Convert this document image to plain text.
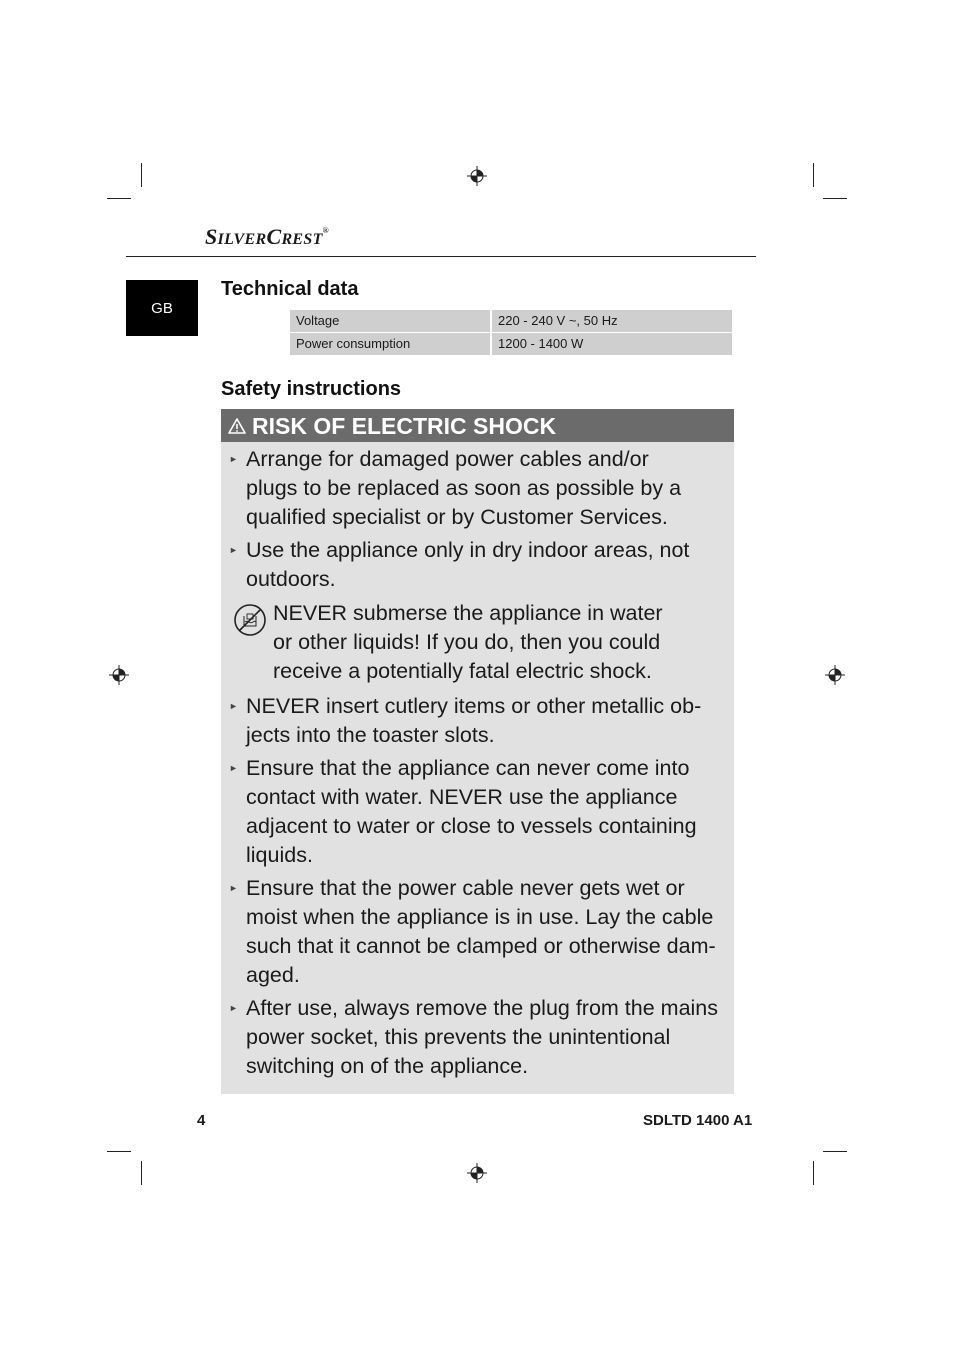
SILVERCREST®
GB
Technical data
Voltage	220 - 240 V ~, 50 Hz
Power consumption	1200 - 1400 W
Safety instructions
RISK OF ELECTRIC SHOCK
► Arrange for damaged power cables and/or
plugs to be replaced as soon as possible by a
qualified specialist or by Customer Services.
► Use the appliance only in dry indoor areas, not
outdoors.
NEVER submerse the appliance in water
or other liquids! If you do, then you could
receive a potentially fatal electric shock.
► NEVER insert cutlery items or other metallic ob-
jects into the toaster slots.
► Ensure that the appliance can never come into
contact with water. NEVER use the appliance
adjacent to water or close to vessels containing
liquids.
► Ensure that the power cable never gets wet or
moist when the appliance is in use. Lay the cable
such that it cannot be clamped or otherwise dam-
aged.
► After use, always remove the plug from the mains
power socket, this prevents the unintentional
switching on of the appliance.
4	SDLTD 1400 A1
